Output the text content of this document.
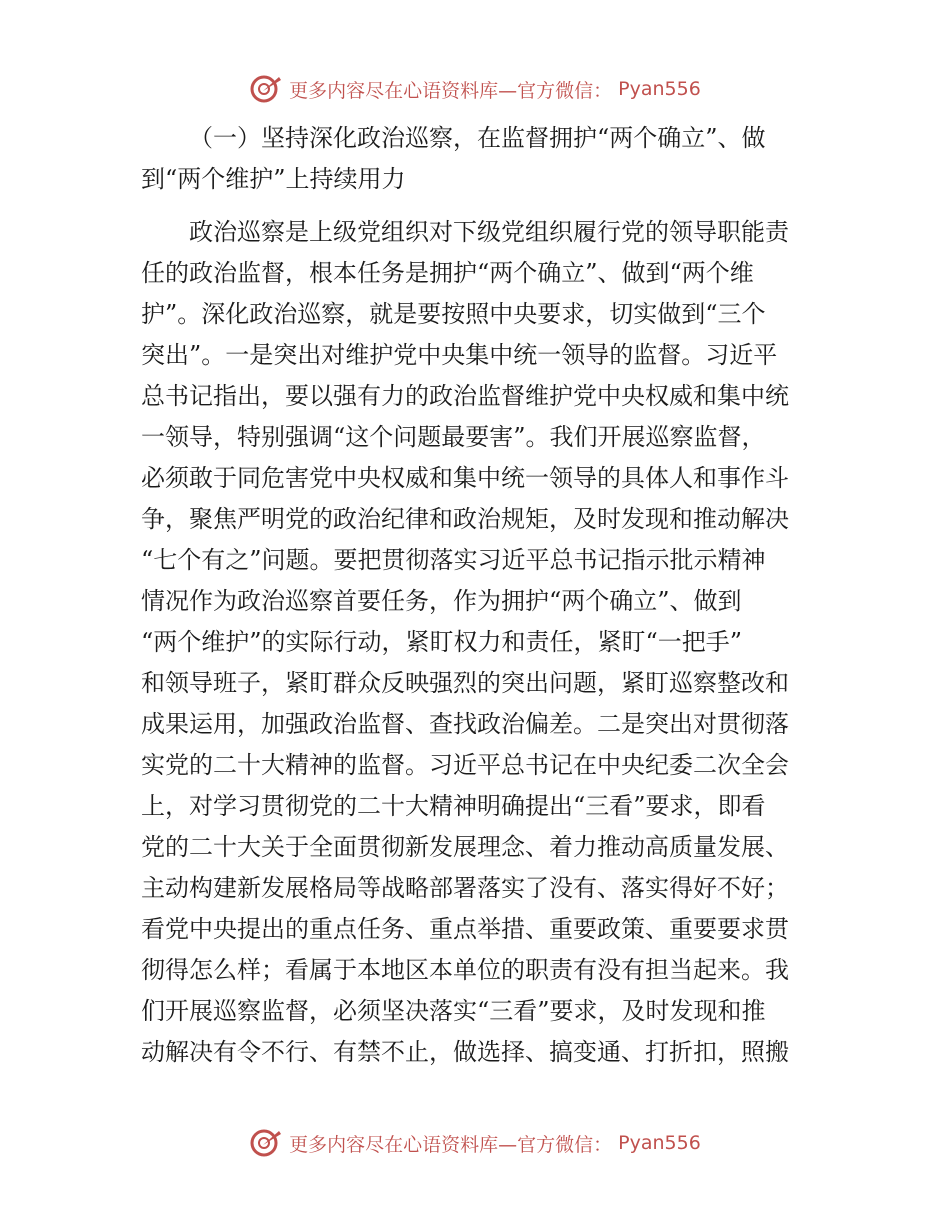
更多内容尽在心语资料库—官方微信： Pyan556

（一）坚持深化政治巡察，在监督拥护“两个确立”、做
到“两个维护”上持续用力

政治巡察是上级党组织对下级党组织履行党的领导职能责
任的政治监督，根本任务是拥护“两个确立”、做到“两个维
护”。深化政治巡察，就是要按照中央要求，切实做到“三个
突出”。一是突出对维护党中央集中统一领导的监督。习近平
总书记指出，要以强有力的政治监督维护党中央权威和集中统
一领导，特别强调“这个问题最要害”。我们开展巡察监督，
必须敢于同危害党中央权威和集中统一领导的具体人和事作斗
争，聚焦严明党的政治纪律和政治规矩，及时发现和推动解决
“七个有之”问题。要把贯彻落实习近平总书记指示批示精神
情况作为政治巡察首要任务，作为拥护“两个确立”、做到
“两个维护”的实际行动，紧盯权力和责任，紧盯“一把手”
和领导班子，紧盯群众反映强烈的突出问题，紧盯巡察整改和
成果运用，加强政治监督、查找政治偏差。二是突出对贯彻落
实党的二十大精神的监督。习近平总书记在中央纪委二次全会
上，对学习贯彻党的二十大精神明确提出“三看”要求，即看
党的二十大关于全面贯彻新发展理念、着力推动高质量发展、
主动构建新发展格局等战略部署落实了没有、落实得好不好；
看党中央提出的重点任务、重点举措、重要政策、重要要求贯
彻得怎么样；看属于本地区本单位的职责有没有担当起来。我
们开展巡察监督，必须坚决落实“三看”要求，及时发现和推
动解决有令不行、有禁不止，做选择、搞变通、打折扣，照搬

更多内容尽在心语资料库—官方微信： Pyan556
